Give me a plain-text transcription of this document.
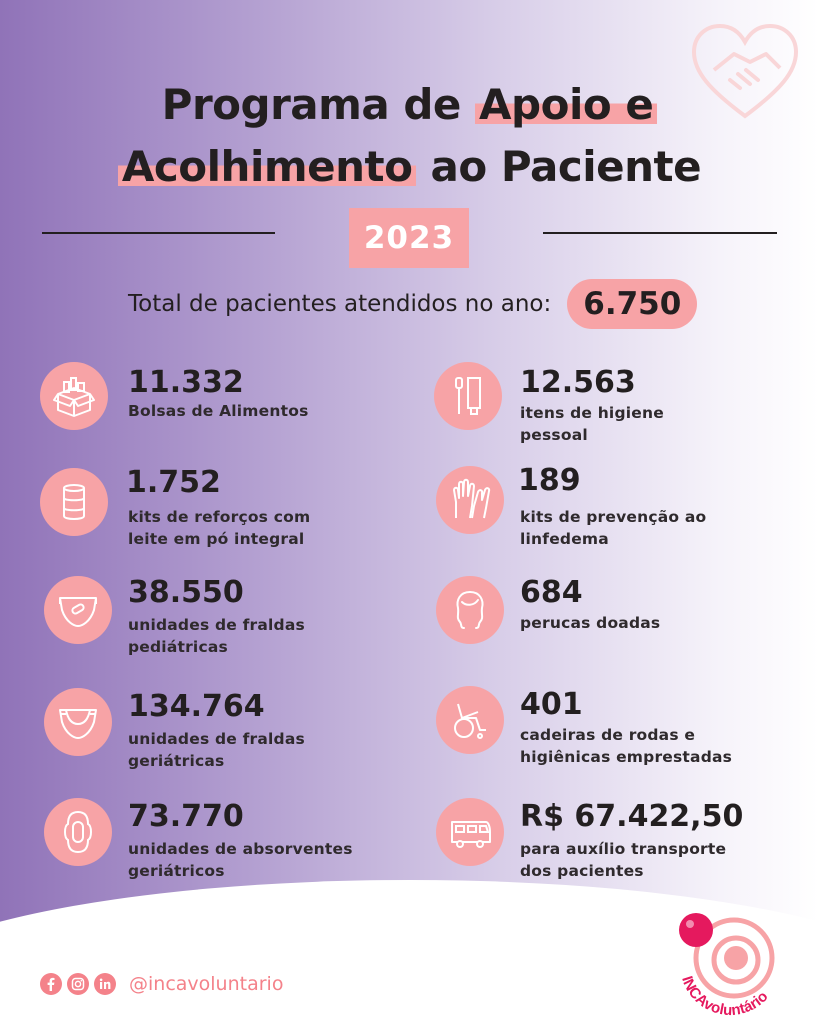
Programa de Apoio e
Acolhimento ao Paciente
2023
Total de pacientes atendidos no ano:	6.750
11.332
Bolsas de Alimentos
1.752
kits de reforços com
leite em pó integral
38.550
unidades de fraldas
pediátricas
134.764
unidades de fraldas
geriátricas
73.770
unidades de absorventes
geriátricos
12.563
itens de higiene
pessoal
189
kits de prevenção ao
linfedema
684
perucas doadas
401
cadeiras de rodas e
higiênicas emprestadas
R$ 67.422,50
para auxílio transporte
dos pacientes
@incavoluntario	INCAvoluntário
